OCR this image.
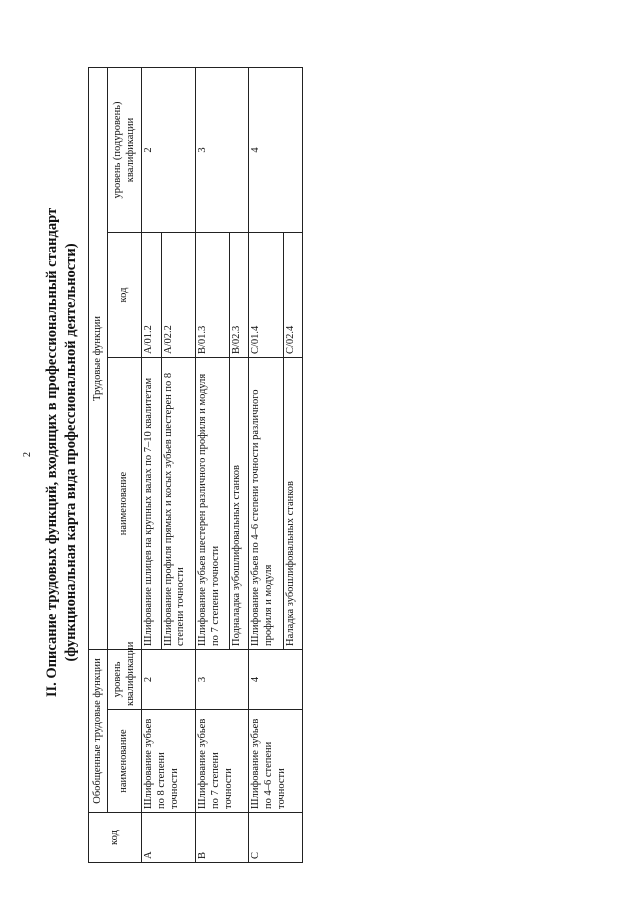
2 II. Описание трудовых функций, входящих в профессиональный стандарт (функциональная карта вида профессиональной деятельности)
код	Обобщенные трудовые функции		Трудовые функции		
	наименование	уровень квалификации	наименование	код	уровень (подуровень) квалификации
A	Шлифование зубьев по 8 степени точности	2	Шлифование шлицев на крупных валах по 7–10 квалитетам	A/01.2	2
			Шлифование профиля прямых и косых зубьев шестерен по 8 степени точности	A/02.2	
B	Шлифование зубьев по 7 степени точности	3	Шлифование зубьев шестерен различного профиля и модуля по 7 степени точности	B/01.3	3
			Подналадка зубошлифовальных станков	B/02.3	
C	Шлифование зубьев по 4–6 степени точности	4	Шлифование зубьев по 4–6 степени точности различного профиля и модуля	C/01.4	4
			Наладка зубошлифовальных станков	C/02.4	
